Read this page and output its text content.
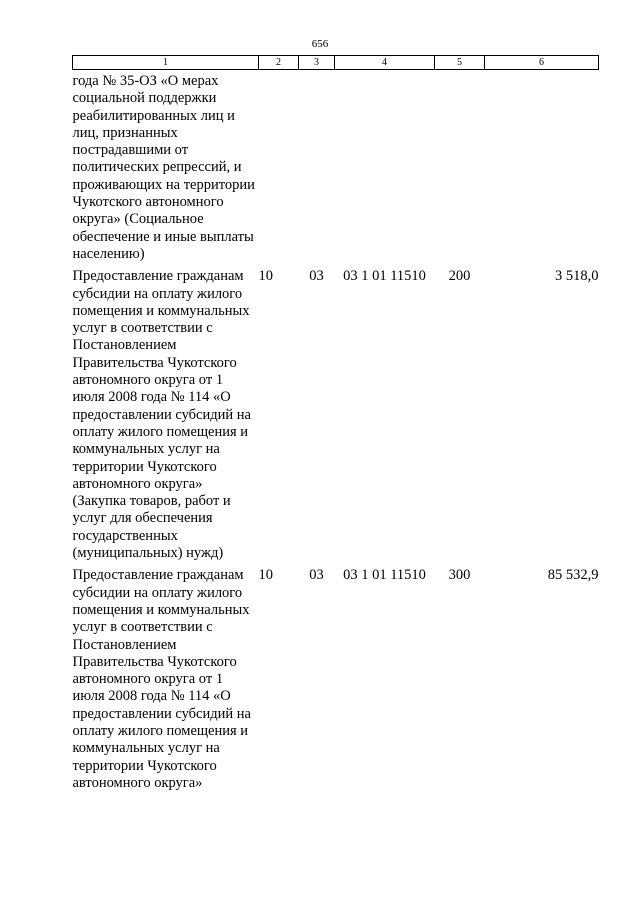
656
1	2	3	4	5	6
года № 35-ОЗ «О мерах социальной поддержки реабилитированных лиц и лиц, признанных пострадавшими от политических репрессий, и проживающих на территории Чукотского автономного округа» (Социальное обеспечение и иные выплаты населению)					
Предоставление гражданам субсидии на оплату жилого помещения и коммунальных услуг в соответствии с Постановлением Правительства Чукотского автономного округа от 1 июля 2008 года № 114 «О предоставлении субсидий на оплату жилого помещения и коммунальных услуг на территории Чукотского автономного округа» (Закупка товаров, работ и услуг для обеспечения государственных (муниципальных) нужд)	10	03	03 1 01 11510	200	3 518,0
Предоставление гражданам субсидии на оплату жилого помещения и коммунальных услуг в соответствии с Постановлением Правительства Чукотского автономного округа от 1 июля 2008 года № 114 «О предоставлении субсидий на оплату жилого помещения и коммунальных услуг на территории Чукотского автономного округа»	10	03	03 1 01 11510	300	85 532,9
